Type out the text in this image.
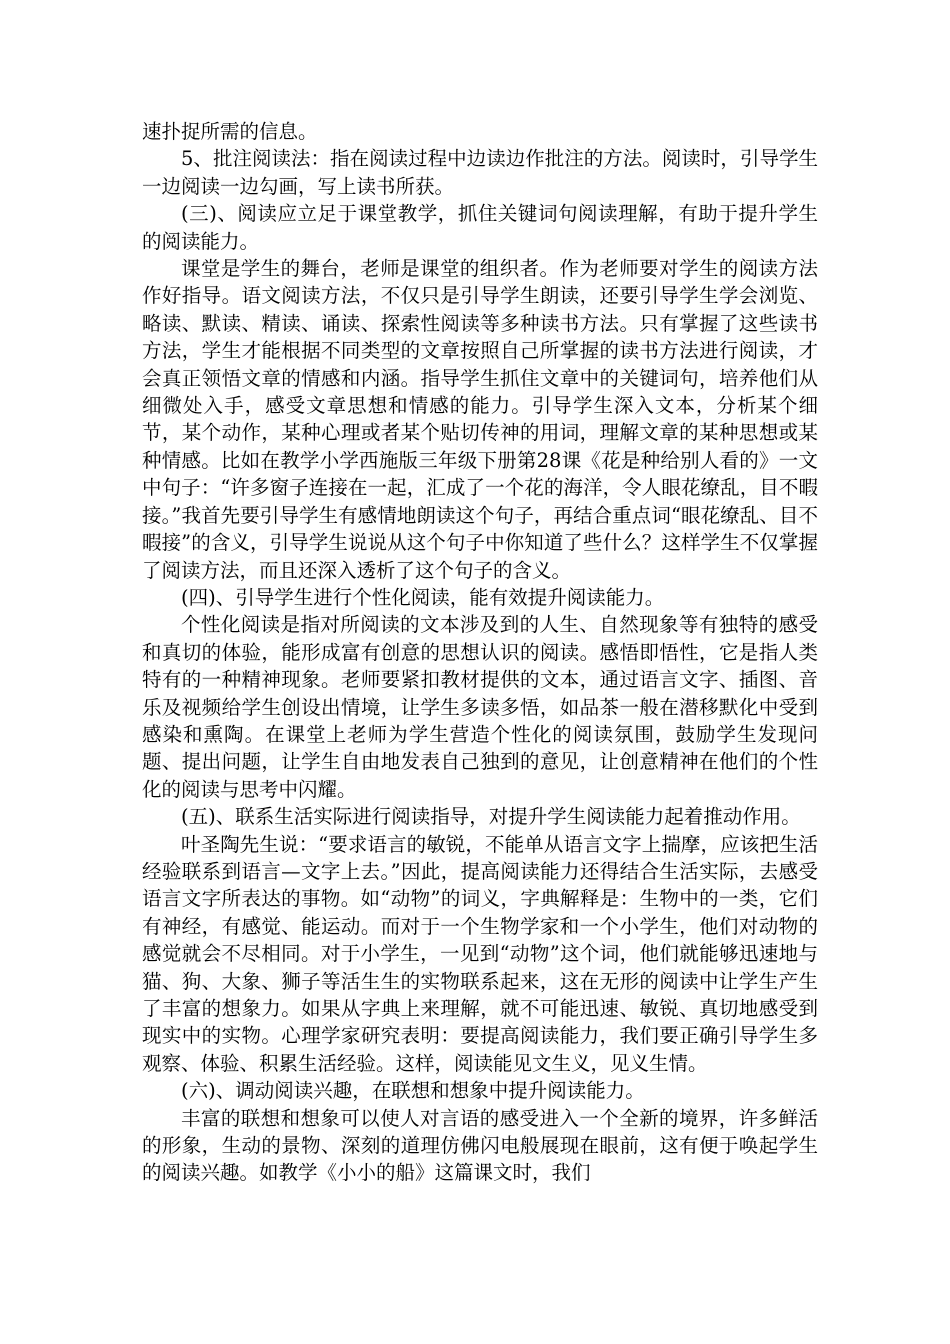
速扑捉所需的信息。

5、批注阅读法：指在阅读过程中边读边作批注的方法。阅读时，引导学生一边阅读一边勾画，写上读书所获。

(三)、阅读应立足于课堂教学，抓住关键词句阅读理解，有助于提升学生的阅读能力。

课堂是学生的舞台，老师是课堂的组织者。作为老师要对学生的阅读方法作好指导。语文阅读方法，不仅只是引导学生朗读，还要引导学生学会浏览、略读、默读、精读、诵读、探索性阅读等多种读书方法。只有掌握了这些读书方法，学生才能根据不同类型的文章按照自己所掌握的读书方法进行阅读，才会真正领悟文章的情感和内涵。指导学生抓住文章中的关键词句，培养他们从细微处入手，感受文章思想和情感的能力。引导学生深入文本，分析某个细节，某个动作，某种心理或者某个贴切传神的用词，理解文章的某种思想或某种情感。比如在教学小学西施版三年级下册第28课《花是种给别人看的》一文中句子：“许多窗子连接在一起，汇成了一个花的海洋，令人眼花缭乱，目不暇接。”我首先要引导学生有感情地朗读这个句子，再结合重点词“眼花缭乱、目不暇接”的含义，引导学生说说从这个句子中你知道了些什么？这样学生不仅掌握了阅读方法，而且还深入透析了这个句子的含义。

(四)、引导学生进行个性化阅读，能有效提升阅读能力。

个性化阅读是指对所阅读的文本涉及到的人生、自然现象等有独特的感受和真切的体验，能形成富有创意的思想认识的阅读。感悟即悟性，它是指人类特有的一种精神现象。老师要紧扣教材提供的文本，通过语言文字、插图、音乐及视频给学生创设出情境，让学生多读多悟，如品茶一般在潜移默化中受到感染和熏陶。在课堂上老师为学生营造个性化的阅读氛围，鼓励学生发现问题、提出问题，让学生自由地发表自己独到的意见，让创意精神在他们的个性化的阅读与思考中闪耀。

(五)、联系生活实际进行阅读指导，对提升学生阅读能力起着推动作用。

叶圣陶先生说：“要求语言的敏锐，不能单从语言文字上揣摩，应该把生活经验联系到语言—文字上去。”因此，提高阅读能力还得结合生活实际，去感受语言文字所表达的事物。如“动物”的词义，字典解释是：生物中的一类，它们有神经，有感觉、能运动。而对于一个生物学家和一个小学生，他们对动物的感觉就会不尽相同。对于小学生，一见到“动物”这个词，他们就能够迅速地与猫、狗、大象、狮子等活生生的实物联系起来，这在无形的阅读中让学生产生了丰富的想象力。如果从字典上来理解，就不可能迅速、敏锐、真切地感受到现实中的实物。心理学家研究表明：要提高阅读能力，我们要正确引导学生多观察、体验、积累生活经验。这样，阅读能见文生义，见义生情。

(六)、调动阅读兴趣，在联想和想象中提升阅读能力。

丰富的联想和想象可以使人对言语的感受进入一个全新的境界，许多鲜活的形象，生动的景物、深刻的道理仿佛闪电般展现在眼前，这有便于唤起学生的阅读兴趣。如教学《小小的船》这篇课文时，我们
